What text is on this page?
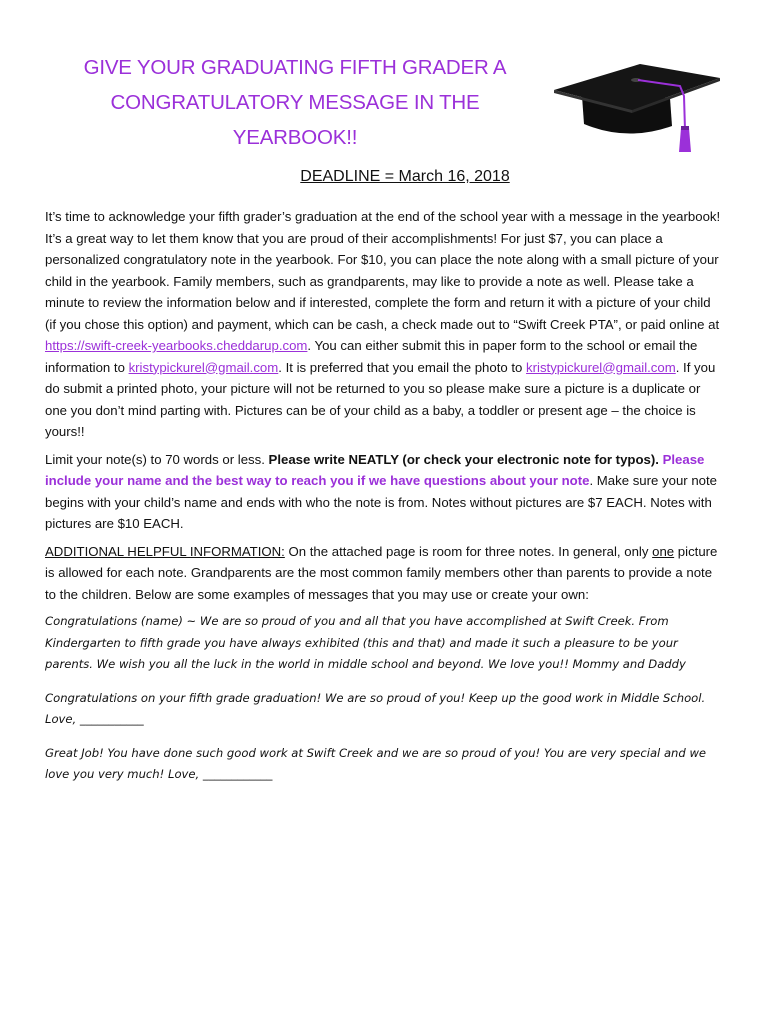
GIVE YOUR GRADUATING FIFTH GRADER A
CONGRATULATORY MESSAGE IN THE
YEARBOOK!!
DEADLINE = March 16, 2018

It’s time to acknowledge your fifth grader’s graduation at the end of the school year with a message in the yearbook! It’s a great way to let them know that you are proud of their accomplishments! For just $7, you can place a personalized congratulatory note in the yearbook. For $10, you can place the note along with a small picture of your child in the yearbook. Family members, such as grandparents, may like to provide a note as well. Please take a minute to review the information below and if interested, complete the form and return it with a picture of your child (if you chose this option) and payment, which can be cash, a check made out to “Swift Creek PTA”, or paid online at https://swift-creek-yearbooks.cheddarup.com. You can either submit this in paper form to the school or email the information to kristypickurel@gmail.com. It is preferred that you email the photo to kristypickurel@gmail.com. If you do submit a printed photo, your picture will not be returned to you so please make sure a picture is a duplicate or one you don’t mind parting with. Pictures can be of your child as a baby, a toddler or present age – the choice is yours!!

Limit your note(s) to 70 words or less. Please write NEATLY (or check your electronic note for typos). Please include your name and the best way to reach you if we have questions about your note. Make sure your note begins with your child’s name and ends with who the note is from. Notes without pictures are $7 EACH. Notes with pictures are $10 EACH.

ADDITIONAL HELPFUL INFORMATION: On the attached page is room for three notes. In general, only one picture is allowed for each note. Grandparents are the most common family members other than parents to provide a note to the children. Below are some examples of messages that you may use or create your own:

Congratulations (name) ~ We are so proud of you and all that you have accomplished at Swift Creek. From Kindergarten to fifth grade you have always exhibited (this and that) and made it such a pleasure to be your parents. We wish you all the luck in the world in middle school and beyond. We love you!! Mommy and Daddy

Congratulations on your fifth grade graduation! We are so proud of you! Keep up the good work in Middle School. Love, ___________

Great Job! You have done such good work at Swift Creek and we are so proud of you! You are very special and we love you very much! Love, ____________
